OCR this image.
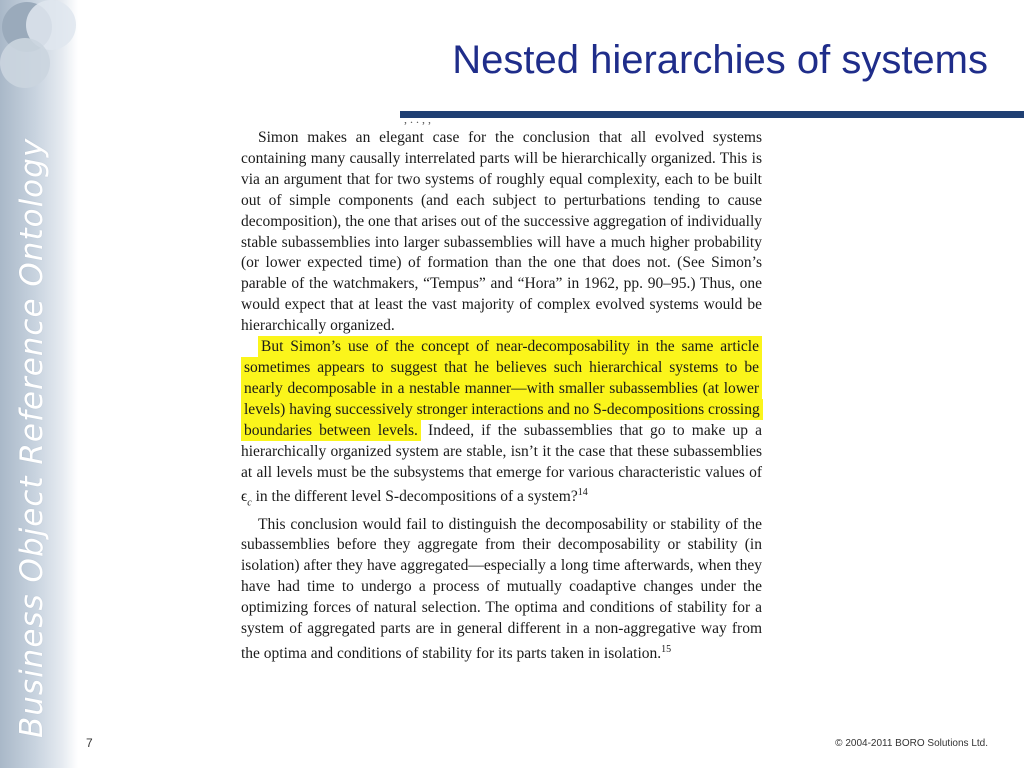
Business Object Reference Ontology
Nested hierarchies of systems
, . . , ,

Simon makes an elegant case for the conclusion that all evolved systems containing many causally interrelated parts will be hierarchically organized. This is via an argument that for two systems of roughly equal complexity, each to be built out of simple components (and each subject to perturbations tending to cause decomposition), the one that arises out of the successive aggregation of individually stable subassemblies into larger subassemblies will have a much higher probability (or lower expected time) of formation than the one that does not. (See Simon’s parable of the watchmakers, “Tempus” and “Hora” in 1962, pp. 90–95.) Thus, one would expect that at least the vast majority of complex evolved systems would be hierarchically organized.

But Simon’s use of the concept of near-decomposability in the same article sometimes appears to suggest that he believes such hierarchical systems to be nearly decomposable in a nestable manner—with smaller subassemblies (at lower levels) having successively stronger interactions and no S-decompositions crossing boundaries between levels. Indeed, if the subassemblies that go to make up a hierarchically organized system are stable, isn’t it the case that these subassemblies at all levels must be the subsystems that emerge for various characteristic values of $\epsilon_c$ in the different level S-decompositions of a system?$^{14}$

This conclusion would fail to distinguish the decomposability or stability of the subassemblies before they aggregate from their decomposability or stability (in isolation) after they have aggregated—especially a long time afterwards, when they have had time to undergo a process of mutually coadaptive changes under the optimizing forces of natural selection. The optima and conditions of stability for a system of aggregated parts are in general different in a non-aggregative way from the optima and conditions of stability for its parts taken in isolation.$^{15}$

7	© 2004-2011 BORO Solutions Ltd.
